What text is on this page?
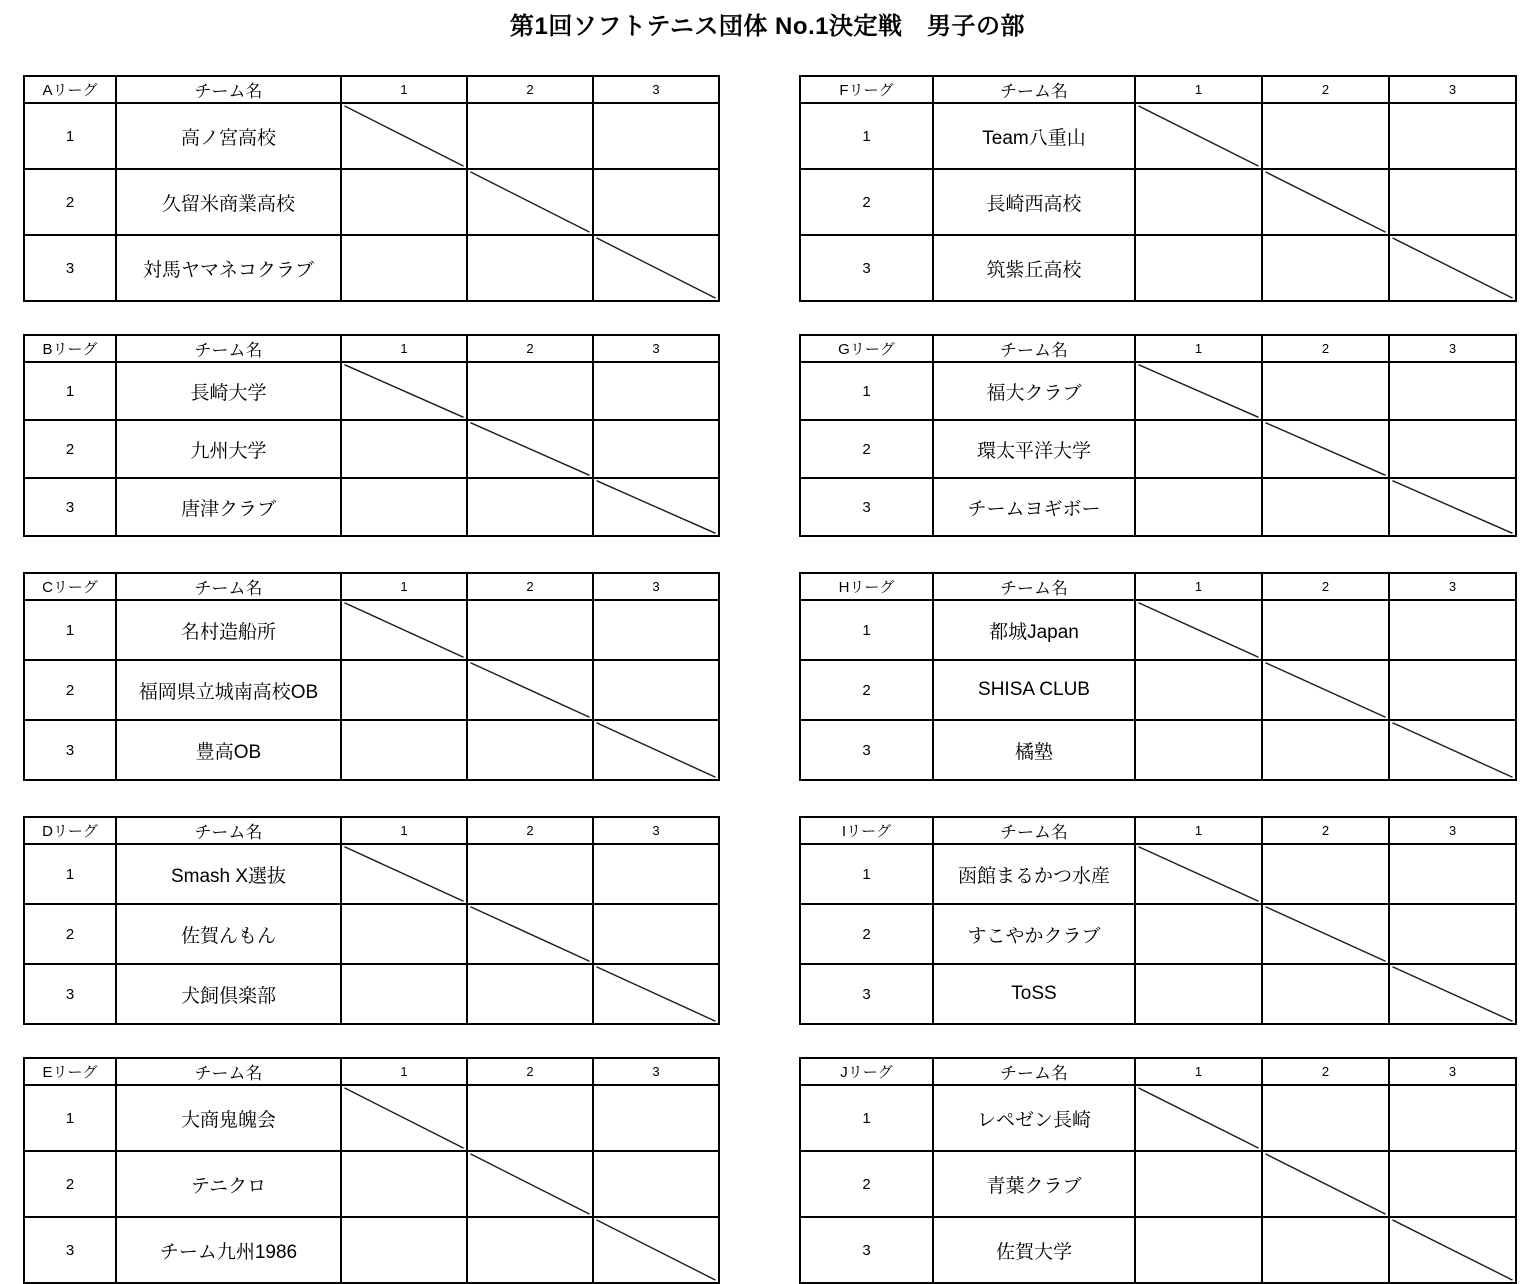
第1回ソフトテニス団体 No.1決定戦　男子の部
Aリーグ	チーム名	1	2	3
1	高ノ宮高校	

2	久留米商業高校		

3	対馬ヤマネコクラブ			
Bリーグ	チーム名	1	2	3
1	長崎大学	

2	九州大学		

3	唐津クラブ			
Cリーグ	チーム名	1	2	3
1	名村造船所	

2	福岡県立城南高校OB		

3	豊高OB			
Dリーグ	チーム名	1	2	3
1	Smash X選抜	

2	佐賀んもん		

3	犬飼倶楽部			
Eリーグ	チーム名	1	2	3
1	大商鬼魄会	

2	テニクロ		

3	チーム九州1986			
Fリーグ	チーム名	1	2	3
1	Team八重山	

2	長崎西高校		

3	筑紫丘高校			
Gリーグ	チーム名	1	2	3
1	福大クラブ	

2	環太平洋大学		

3	チームヨギボー			
Hリーグ	チーム名	1	2	3
1	都城Japan	

2	SHISA CLUB		

3	橘塾			
Iリーグ	チーム名	1	2	3
1	函館まるかつ水産	

2	すこやかクラブ		

3	ToSS			
Jリーグ	チーム名	1	2	3
1	レペゼン長崎	

2	青葉クラブ		

3	佐賀大学			
